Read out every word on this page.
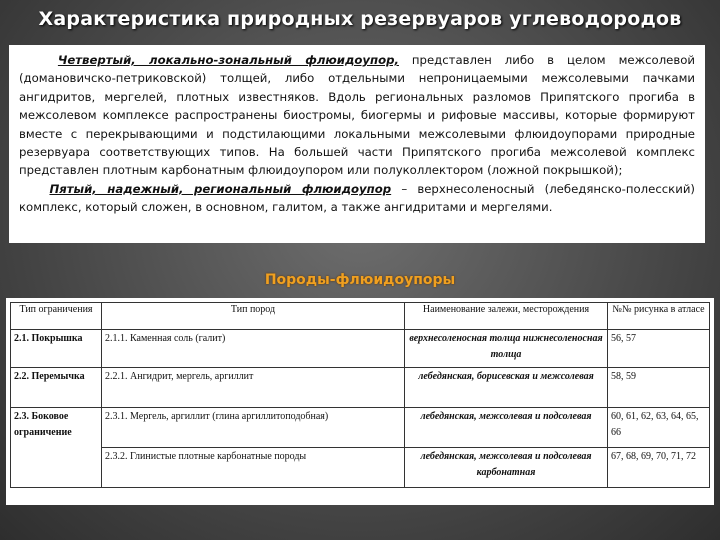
Характеристика природных резервуаров углеводородов

Четвертый, локально-зональный флюидоупор, представлен либо в целом межсолевой (домановичско-петриковской) толщей, либо отдельными непроницаемыми межсолевыми пачками ангидритов, мергелей, плотных известняков. Вдоль региональных разломов Припятского прогиба в межсолевом комплексе распространены биостромы, биогермы и рифовые массивы, которые формируют вместе с перекрывающими и подстилающими локальными межсолевыми флюидоупорами природные резервуара соответствующих типов. На большей части Припятского прогиба межсолевой комплекс представлен плотным карбонатным флюидоупором или полуколлектором (ложной покрышкой);

Пятый, надежный, региональный флюидоупор – верхнесоленосный (лебедянско-полесский) комплекс, который сложен, в основном, галитом, а также ангидритами и мергелями.

Породы-флюидоупоры
Тип ограничения	Тип пород	Наименование залежи, месторождения	№№ рисунка в атласе
2.1. Покрышка	2.1.1. Каменная соль (галит)	верхнесоленосная толща нижнесоленосная толща	56, 57
2.2. Перемычка	2.2.1. Ангидрит, мергель, аргиллит	лебедянская, борисевская и межсолевая	58, 59
2.3. Боковое ограничение	2.3.1. Мергель, аргиллит (глина аргиллитоподобная)	лебедянская, межсолевая и подсолевая	60, 61, 62, 63, 64, 65, 66
	2.3.2. Глинистые плотные карбонатные породы	лебедянская, межсолевая и подсолевая карбонатная	67, 68, 69, 70, 71, 72
